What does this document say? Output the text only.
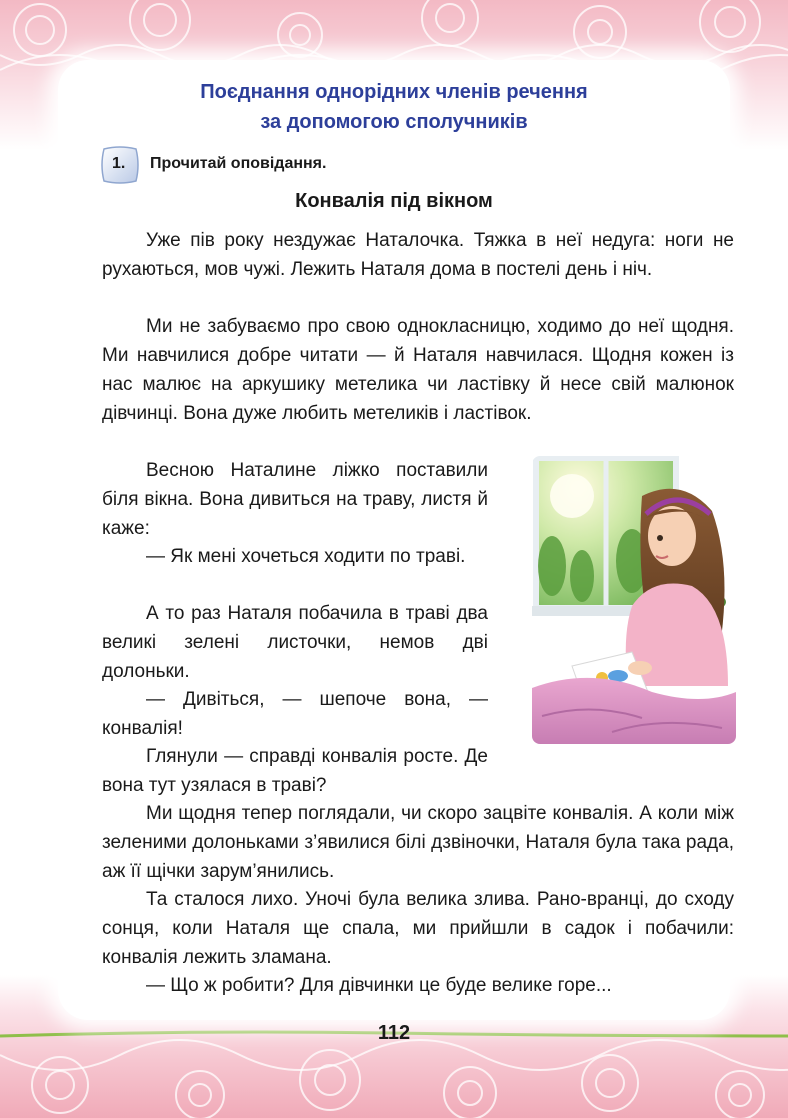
Поєднання однорідних членів речення
за допомогою сполучників
1. Прочитай оповідання.
Конвалія під вікном
Уже пів року нездужає Наталочка. Тяжка в неї недуга: ноги не рухаються, мов чужі. Лежить Наталя дома в постелі день і ніч.
Ми не забуваємо про свою однокласницю, ходимо до неї щодня. Ми навчилися добре читати — й Наталя навчилася. Щодня кожен із нас малює на аркушику метелика чи ластівку й несе свій малюнок дівчинці. Вона дуже любить метеликів і ластівок.
Весною Наталине ліжко поставили біля вікна. Вона дивиться на траву, листя й каже:
— Як мені хочеться ходити по траві.
А то раз Наталя побачила в траві два великі зелені листочки, немов дві долоньки.
— Дивіться, — шепоче вона, — конвалія!
Глянули — справді конвалія росте. Де вона тут узялася в траві?
Ми щодня тепер поглядали, чи скоро зацвіте конвалія. А коли між зеленими долоньками з’явилися білі дзвіночки, Наталя була така рада, аж її щічки зарум’янились.
Та сталося лихо. Уночі була велика злива. Рано-вранці, до сходу сонця, коли Наталя ще спала, ми прийшли в садок і побачили: конвалія лежить зламана.
— Що ж робити? Для дівчинки це буде велике горе...
112
